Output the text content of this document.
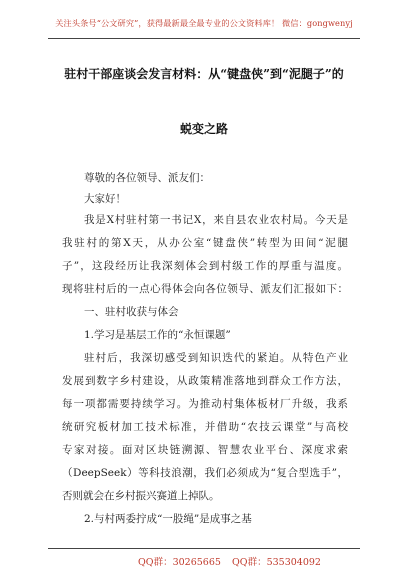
关注头条号“公文研究”，获得最新最全最专业的公文资料库！ 微信：gongwenyj
驻村干部座谈会发言材料：从“键盘侠”到“泥腿子”的
蜕变之路
尊敬的各位领导、派友们：
大家好！
我是X村驻村第一书记X，来自县农业农村局。今天是
我驻村的第X天，从办公室“键盘侠”转型为田间“泥腿
子”，这段经历让我深刻体会到村级工作的厚重与温度。
现将驻村后的一点心得体会向各位领导、派友们汇报如下：
一、驻村收获与体会
1.学习是基层工作的“永恒课题”
驻村后，我深切感受到知识迭代的紧迫。从特色产业
发展到数字乡村建设，从政策精准落地到群众工作方法，
每一项都需要持续学习。为推动村集体板材厂升级，我系
统研究板材加工技术标准，并借助“农技云课堂”与高校
专家对接。面对区块链溯源、智慧农业平台、深度求索
（DeepSeek）等科技浪潮，我们必须成为“复合型选手”，
否则就会在乡村振兴赛道上掉队。
2.与村两委拧成“一股绳”是成事之基
QQ群：30265665 QQ群：535304092
